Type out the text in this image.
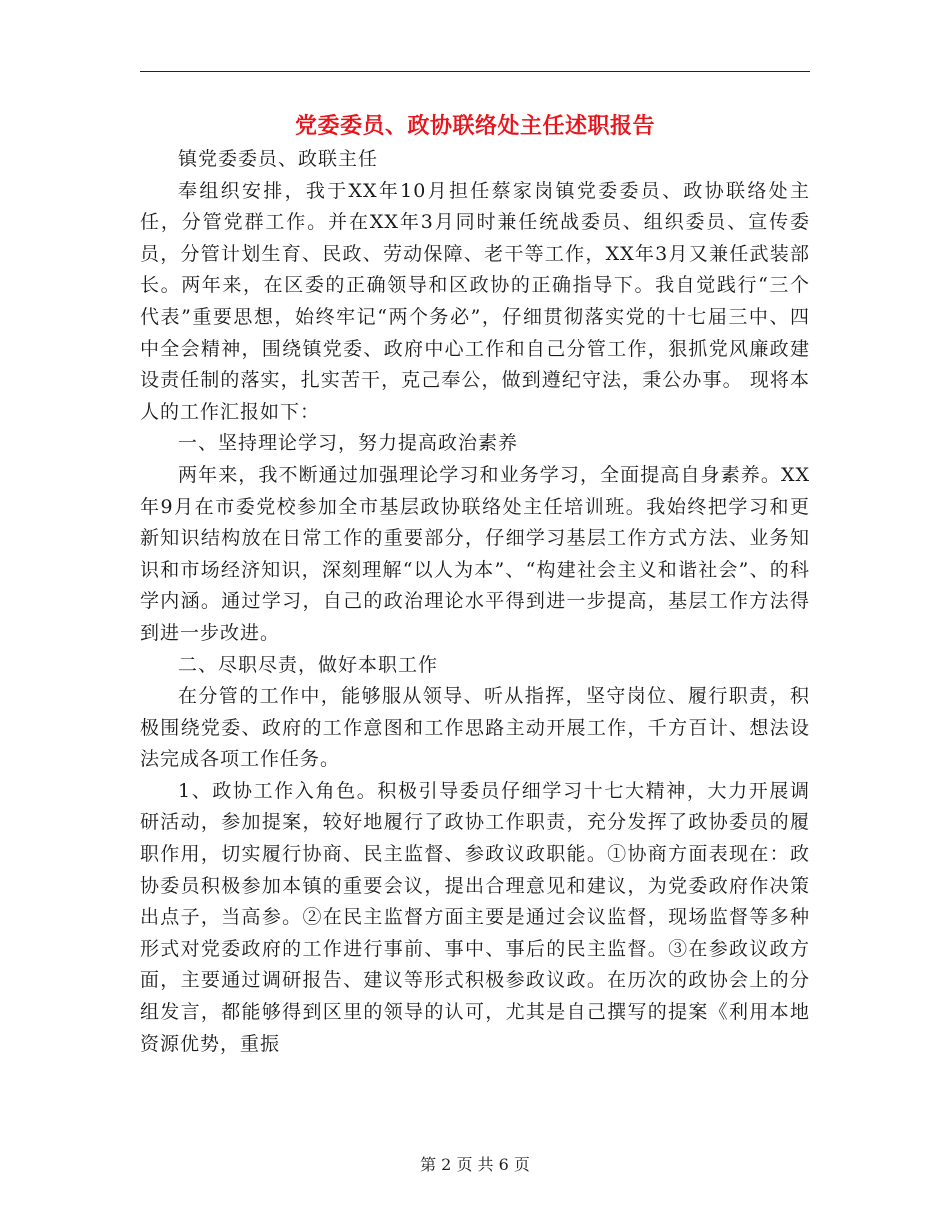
党委委员、政协联络处主任述职报告

镇党委委员、政联主任

奉组织安排，我于XX年10月担任蔡家岗镇党委委员、政协联络处主任，分管党群工作。并在XX年3月同时兼任统战委员、组织委员、宣传委员，分管计划生育、民政、劳动保障、老干等工作，XX年3月又兼任武装部长。两年来，在区委的正确领导和区政协的正确指导下。我自觉践行“三个代表”重要思想，始终牢记“两个务必”，仔细贯彻落实党的十七届三中、四中全会精神，围绕镇党委、政府中心工作和自己分管工作，狠抓党风廉政建设责任制的落实，扎实苦干，克己奉公，做到遵纪守法，秉公办事。 现将本人的工作汇报如下：

一、坚持理论学习，努力提高政治素养

两年来，我不断通过加强理论学习和业务学习，全面提高自身素养。XX年9月在市委党校参加全市基层政协联络处主任培训班。我始终把学习和更新知识结构放在日常工作的重要部分，仔细学习基层工作方式方法、业务知识和市场经济知识，深刻理解“以人为本”、“构建社会主义和谐社会”、的科学内涵。通过学习，自己的政治理论水平得到进一步提高，基层工作方法得到进一步改进。

二、尽职尽责，做好本职工作

在分管的工作中，能够服从领导、听从指挥，坚守岗位、履行职责，积极围绕党委、政府的工作意图和工作思路主动开展工作，千方百计、想法设法完成各项工作任务。

1、政协工作入角色。积极引导委员仔细学习十七大精神，大力开展调研活动，参加提案，较好地履行了政协工作职责，充分发挥了政协委员的履职作用，切实履行协商、民主监督、参政议政职能。①协商方面表现在：政协委员积极参加本镇的重要会议，提出合理意见和建议，为党委政府作决策出点子，当高参。②在民主监督方面主要是通过会议监督，现场监督等多种形式对党委政府的工作进行事前、事中、事后的民主监督。③在参政议政方面，主要通过调研报告、建议等形式积极参政议政。在历次的政协会上的分组发言，都能够得到区里的领导的认可，尤其是自己撰写的提案《利用本地资源优势，重振

第 2 页 共 6 页
